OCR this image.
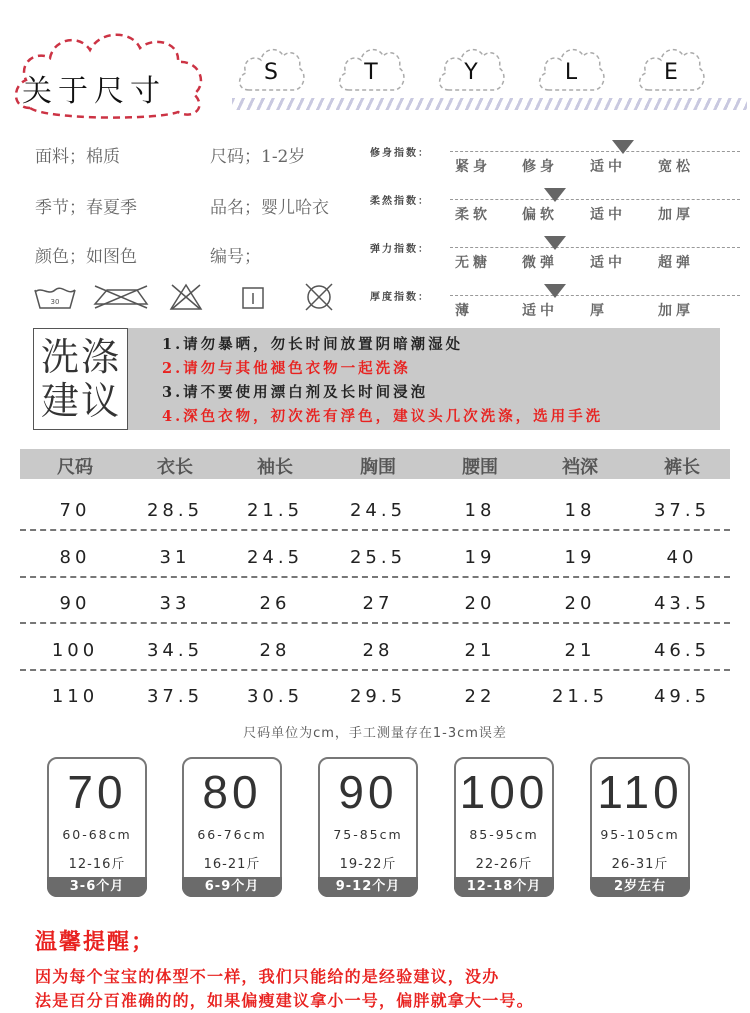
关于尺寸
S	T	Y	L	E
面料；棉质	尺码；1-2岁
季节；春夏季	品名；婴儿哈衣
颜色；如图色	编号；
修身指数：
紧身 修身 适中 宽松
柔然指数：
柔软 偏软 适中 加厚
弹力指数：
无糖 微弹 适中 超弹
厚度指数：
薄	适中 厚	加厚
30
洗涤
建议
1.请勿暴晒，勿长时间放置阴暗潮湿处
2.请勿与其他褪色衣物一起洗涤
3.请不要使用漂白剂及长时间浸泡
4.深色衣物，初次洗有浮色，建议头几次洗涤，选用手洗
尺码	衣长	袖长	胸围	腰围	裆深	裤长
70	28.5	21.5	24.5	18	18	37.5
80	31	24.5	25.5	19	19	40
90	33	26	27	20	20	43.5
100	34.5	28	28	21	21	46.5
110	37.5	30.5	29.5	22	21.5	49.5
尺码单位为cm，手工测量存在1-3cm误差
70
60-68cm
12-16斤
3-6个月
80
66-76cm
16-21斤
6-9个月
90
75-85cm
19-22斤
9-12个月
100
85-95cm
22-26斤
12-18个月
110
95-105cm
26-31斤
2岁左右
温馨提醒；
因为每个宝宝的体型不一样，我们只能给的是经验建议，没办
法是百分百准确的的，如果偏瘦建议拿小一号，偏胖就拿大一号。
